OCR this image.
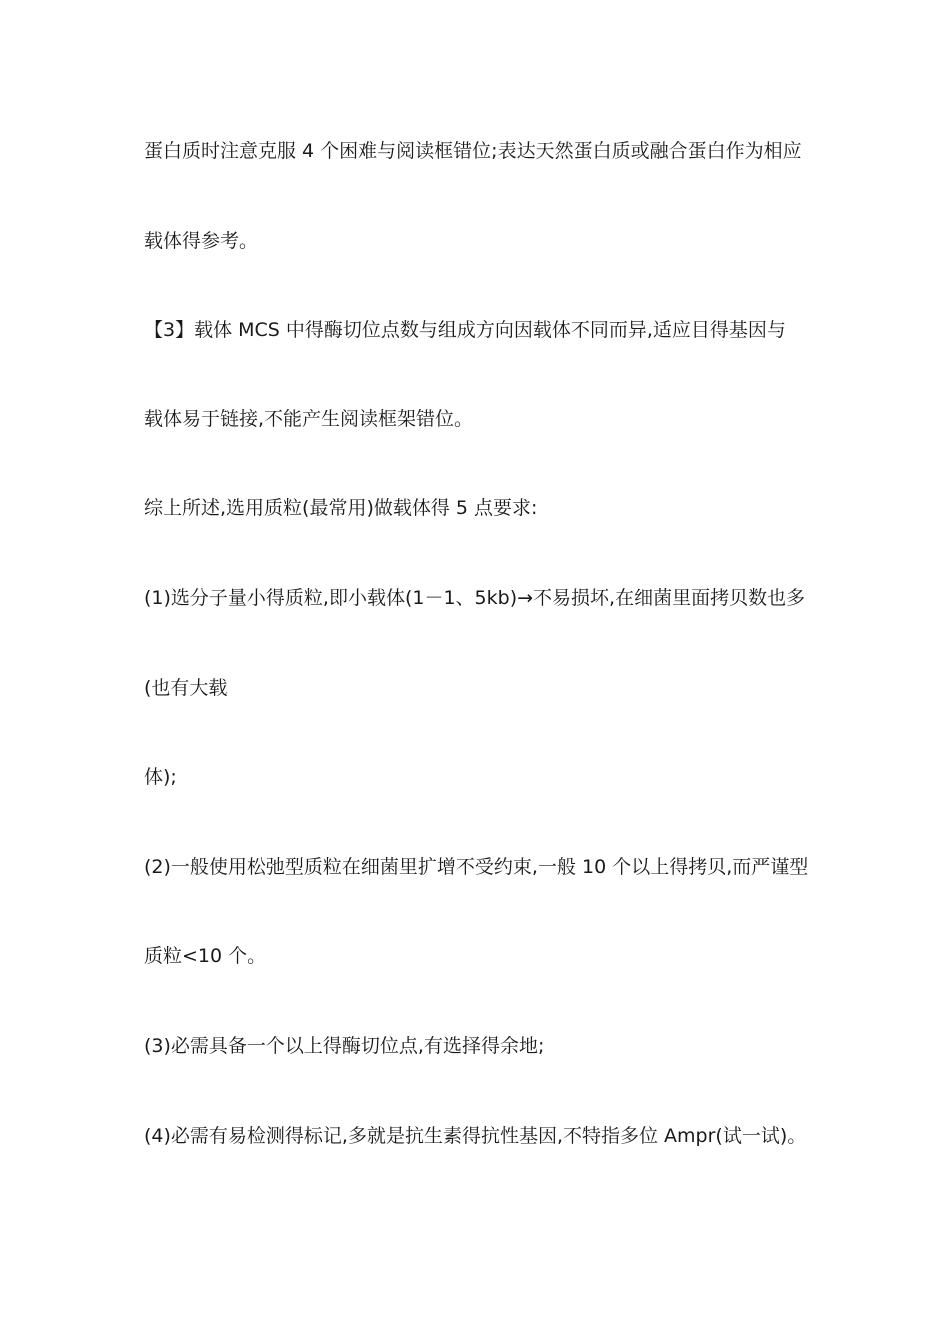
蛋白质时注意克服 4 个困难与阅读框错位;表达天然蛋白质或融合蛋白作为相应
载体得参考。
【3】载体 MCS 中得酶切位点数与组成方向因载体不同而异,适应目得基因与
载体易于链接,不能产生阅读框架错位。
综上所述,选用质粒(最常用)做载体得 5 点要求:
(1)选分子量小得质粒,即小载体(1－1、5kb)→不易损坏,在细菌里面拷贝数也多
(也有大载
体);
(2)一般使用松弛型质粒在细菌里扩增不受约束,一般 10 个以上得拷贝,而严谨型
质粒<10 个。
(3)必需具备一个以上得酶切位点,有选择得余地;
(4)必需有易检测得标记,多就是抗生素得抗性基因,不特指多位 Ampr(试一试)。
